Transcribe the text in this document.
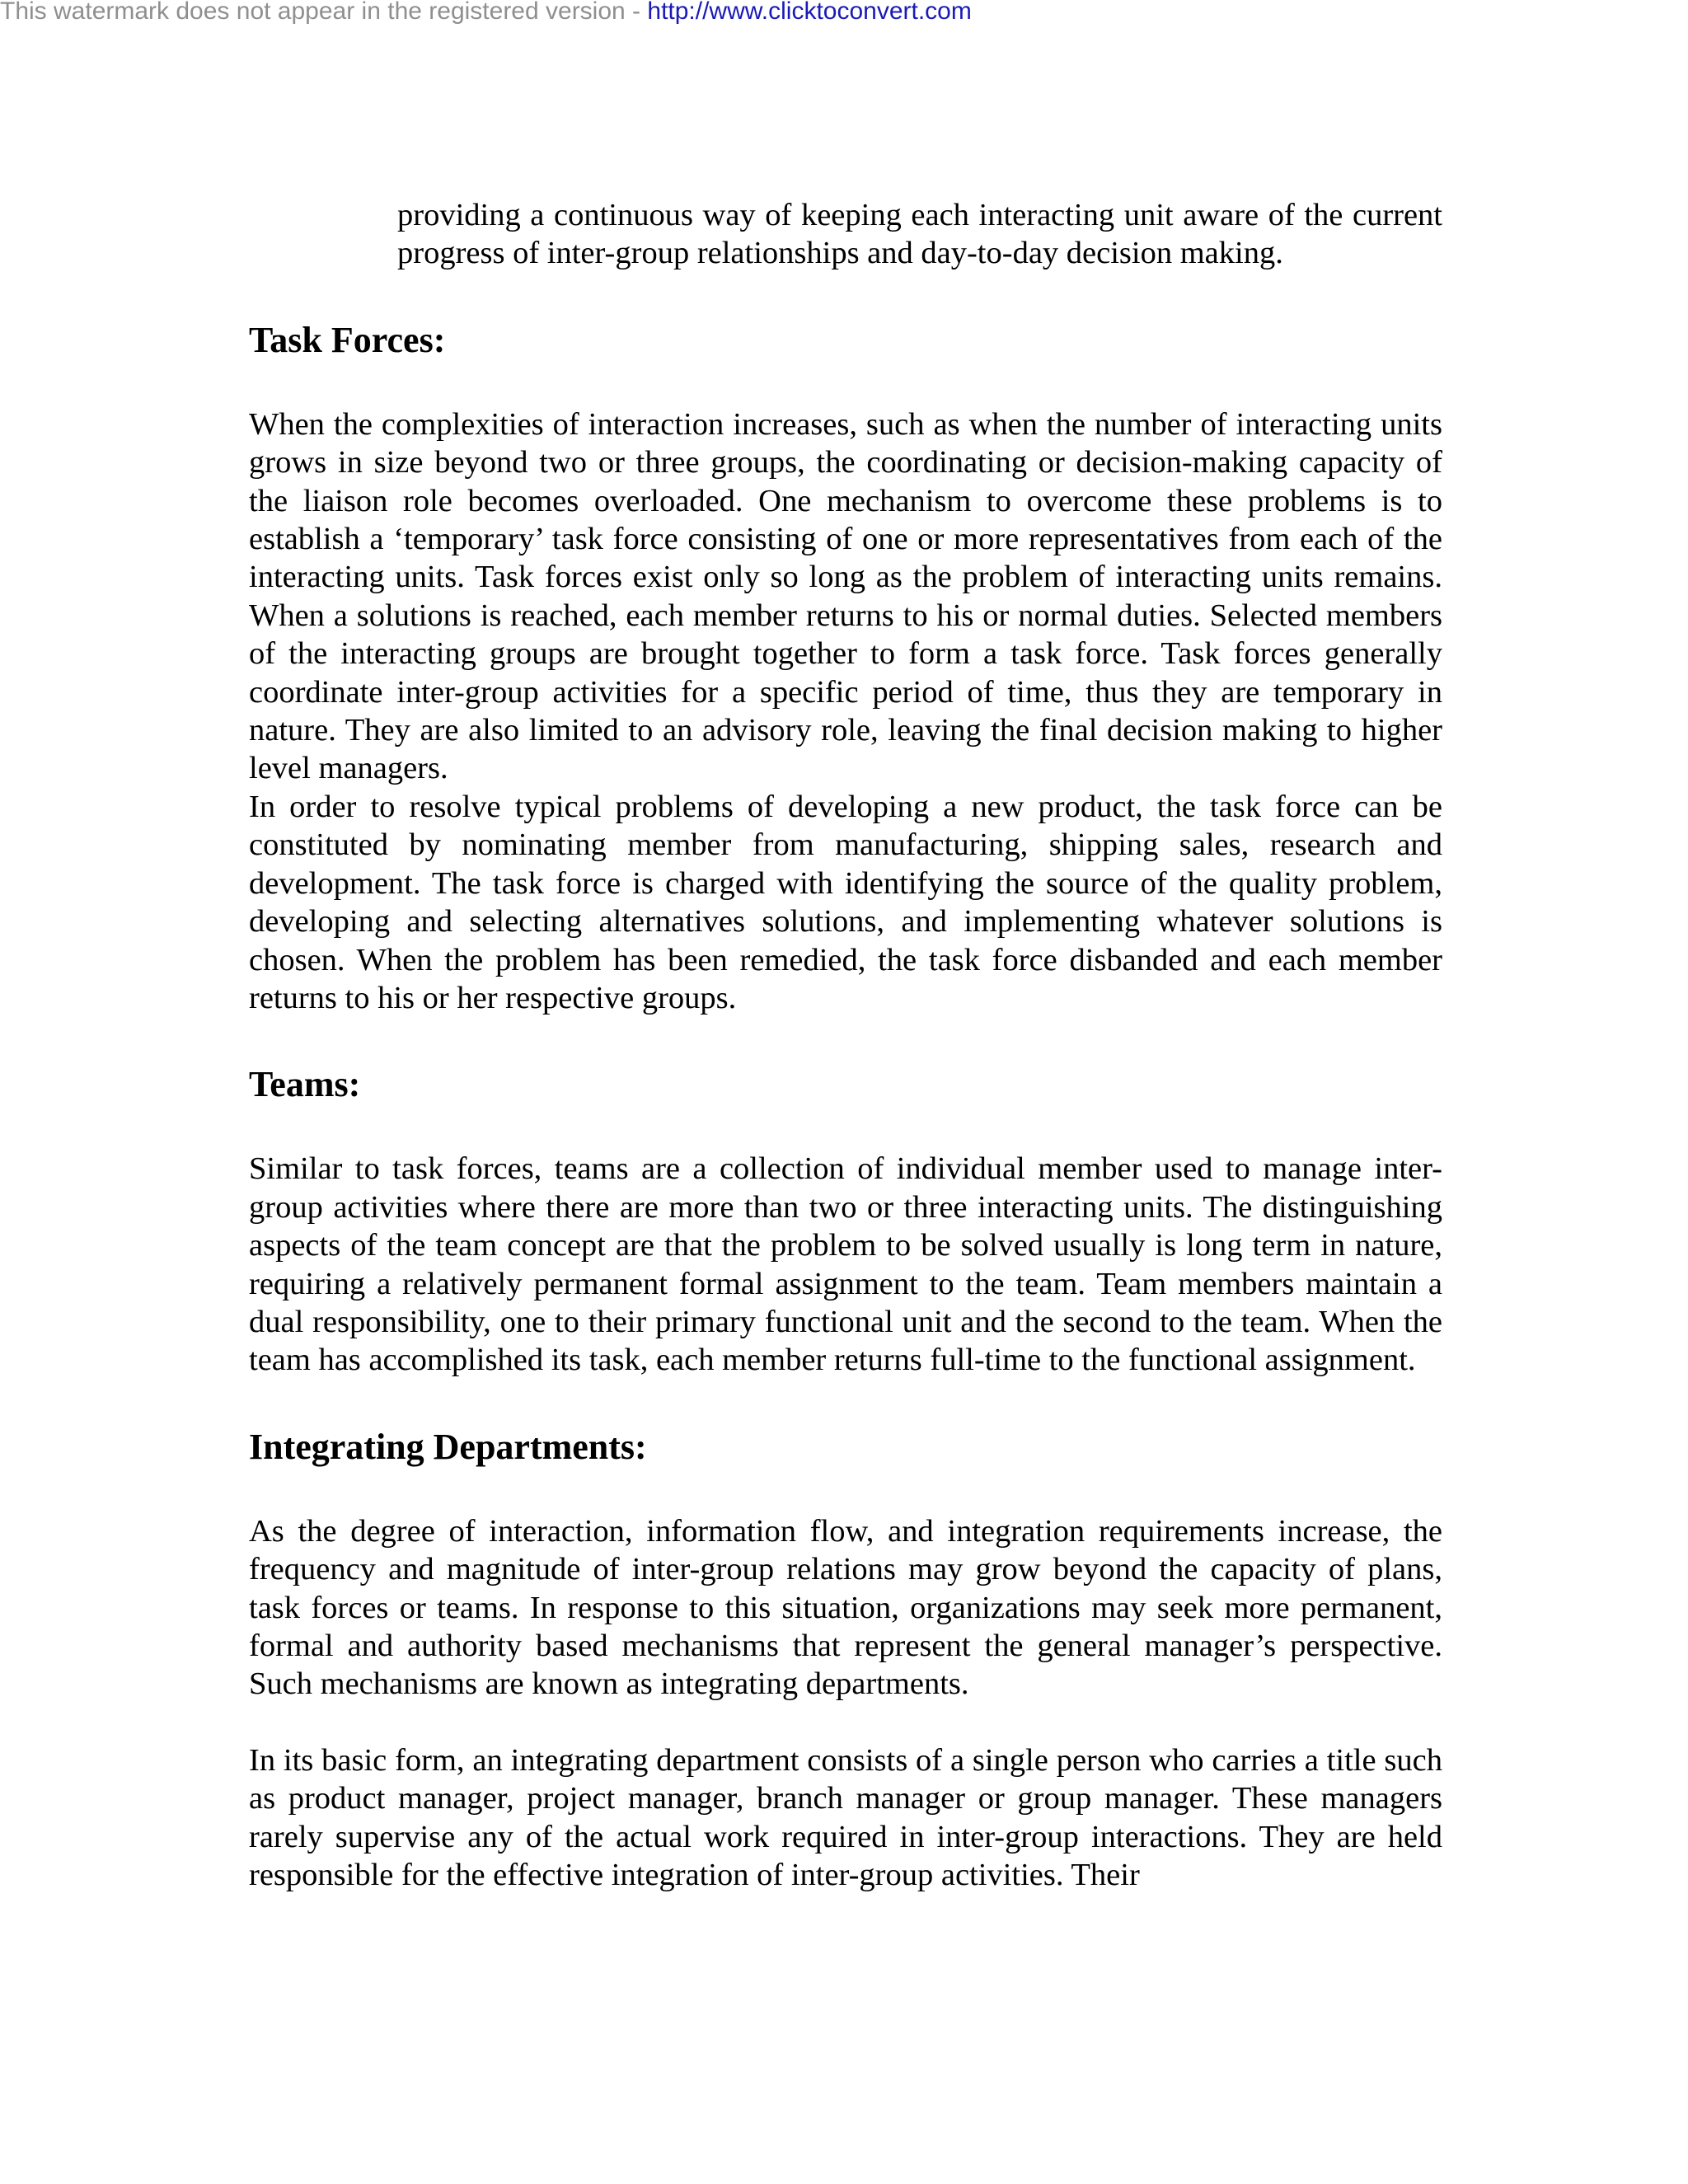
This watermark does not appear in the registered version - http://www.clicktoconvert.com

providing a continuous way of keeping each interacting unit aware of the current progress of inter-group relationships and day-to-day decision making.

Task Forces:

When the complexities of interaction increases, such as when the number of interacting units grows in size beyond two or three groups, the coordinating or decision-making capacity of the liaison role becomes overloaded. One mechanism to overcome these problems is to establish a ‘temporary’ task force consisting of one or more representatives from each of the interacting units. Task forces exist only so long as the problem of interacting units remains. When a solutions is reached, each member returns to his or normal duties. Selected members of the interacting groups are brought together to form a task force. Task forces generally coordinate inter-group activities for a specific period of time, thus they are temporary in nature. They are also limited to an advisory role, leaving the final decision making to higher level managers.

In order to resolve typical problems of developing a new product, the task force can be constituted by nominating member from manufacturing, shipping sales, research and development. The task force is charged with identifying the source of the quality problem, developing and selecting alternatives solutions, and implementing whatever solutions is chosen. When the problem has been remedied, the task force disbanded and each member returns to his or her respective groups.

Teams:

Similar to task forces, teams are a collection of individual member used to manage inter-group activities where there are more than two or three interacting units. The distinguishing aspects of the team concept are that the problem to be solved usually is long term in nature, requiring a relatively permanent formal assignment to the team. Team members maintain a dual responsibility, one to their primary functional unit and the second to the team. When the team has accomplished its task, each member returns full-time to the functional assignment.

Integrating Departments:

As the degree of interaction, information flow, and integration requirements increase, the frequency and magnitude of inter-group relations may grow beyond the capacity of plans, task forces or teams. In response to this situation, organizations may seek more permanent, formal and authority based mechanisms that represent the general manager’s perspective. Such mechanisms are known as integrating departments.

In its basic form, an integrating department consists of a single person who carries a title such as product manager, project manager, branch manager or group manager. These managers rarely supervise any of the actual work required in inter-group interactions. They are held responsible for the effective integration of inter-group activities. Their
